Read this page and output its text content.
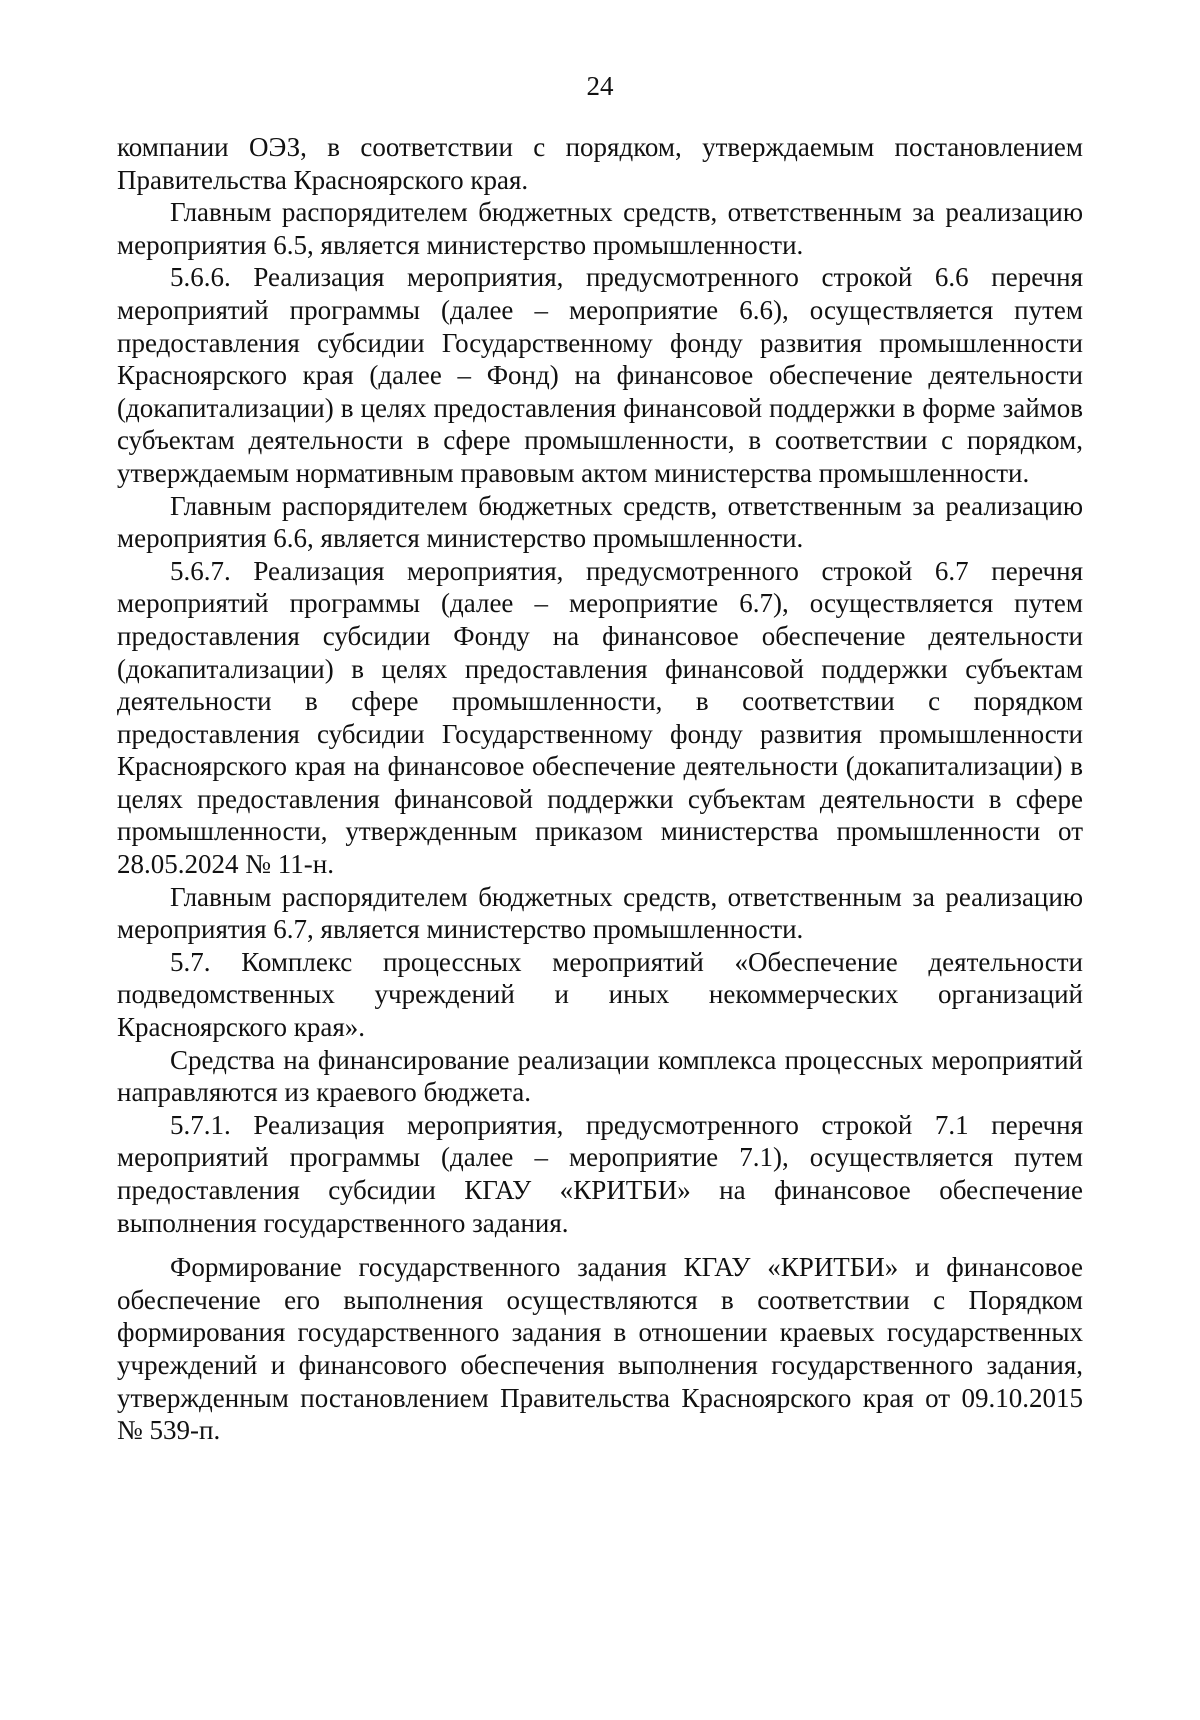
24

компании ОЭЗ, в соответствии с порядком, утверждаемым постановлением Правительства Красноярского края.

Главным распорядителем бюджетных средств, ответственным за реализацию мероприятия 6.5, является министерство промышленности.

5.6.6. Реализация мероприятия, предусмотренного строкой 6.6 перечня мероприятий программы (далее – мероприятие 6.6), осуществляется путем предоставления субсидии Государственному фонду развития промышленности Красноярского края (далее – Фонд) на финансовое обеспечение деятельности (докапитализации) в целях предоставления финансовой поддержки в форме займов субъектам деятельности в сфере промышленности, в соответствии с порядком, утверждаемым нормативным правовым актом министерства промышленности.

Главным распорядителем бюджетных средств, ответственным за реализацию мероприятия 6.6, является министерство промышленности.

5.6.7. Реализация мероприятия, предусмотренного строкой 6.7 перечня мероприятий программы (далее – мероприятие 6.7), осуществляется путем предоставления субсидии Фонду на финансовое обеспечение деятельности (докапитализации) в целях предоставления финансовой поддержки субъектам деятельности в сфере промышленности, в соответствии с порядком предоставления субсидии Государственному фонду развития промышленности Красноярского края на финансовое обеспечение деятельности (докапитализации) в целях предоставления финансовой поддержки субъектам деятельности в сфере промышленности, утвержденным приказом министерства промышленности от 28.05.2024 № 11-н.

Главным распорядителем бюджетных средств, ответственным за реализацию мероприятия 6.7, является министерство промышленности.

5.7. Комплекс процессных мероприятий «Обеспечение деятельности подведомственных учреждений и иных некоммерческих организаций Красноярского края».

Средства на финансирование реализации комплекса процессных мероприятий направляются из краевого бюджета.

5.7.1. Реализация мероприятия, предусмотренного строкой 7.1 перечня мероприятий программы (далее – мероприятие 7.1), осуществляется путем предоставления субсидии КГАУ «КРИТБИ» на финансовое обеспечение выполнения государственного задания.

Формирование государственного задания КГАУ «КРИТБИ» и финансовое обеспечение его выполнения осуществляются в соответствии с Порядком формирования государственного задания в отношении краевых государственных учреждений и финансового обеспечения выполнения государственного задания, утвержденным постановлением Правительства Красноярского края от 09.10.2015 № 539-п.
